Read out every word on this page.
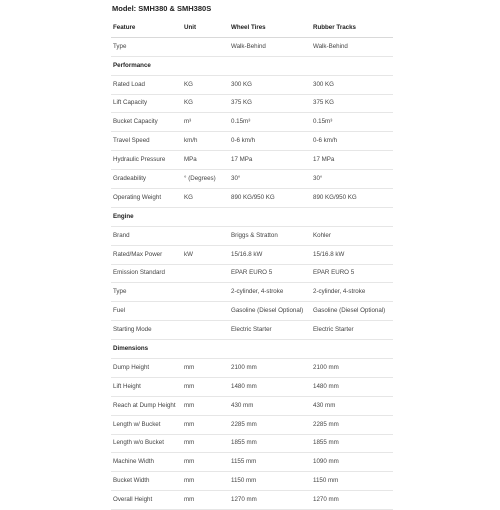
Model: SMH380 & SMH380S
Feature	Unit	Wheel Tires	Rubber Tracks
Type		Walk-Behind	Walk-Behind
Performance			
Rated Load	KG	300 KG	300 KG
Lift Capacity	KG	375 KG	375 KG
Bucket Capacity	m³	0.15m³	0.15m³
Travel Speed	km/h	0-6 km/h	0-6 km/h
Hydraulic Pressure	MPa	17 MPa	17 MPa
Gradeability	° (Degrees)	30°	30°
Operating Weight	KG	890 KG/950 KG	890 KG/950 KG
Engine			
Brand		Briggs & Stratton	Kohler
Rated/Max Power	kW	15/16.8 kW	15/16.8 kW
Emission Standard		EPAR EURO 5	EPAR EURO 5
Type		2-cylinder, 4-stroke	2-cylinder, 4-stroke
Fuel		Gasoline (Diesel Optional)	Gasoline (Diesel Optional)
Starting Mode		Electric Starter	Electric Starter
Dimensions			
Dump Height	mm	2100 mm	2100 mm
Lift Height	mm	1480 mm	1480 mm
Reach at Dump Height	mm	430 mm	430 mm
Length w/ Bucket	mm	2285 mm	2285 mm
Length w/o Bucket	mm	1855 mm	1855 mm
Machine Width	mm	1155 mm	1090 mm
Bucket Width	mm	1150 mm	1150 mm
Overall Height	mm	1270 mm	1270 mm
